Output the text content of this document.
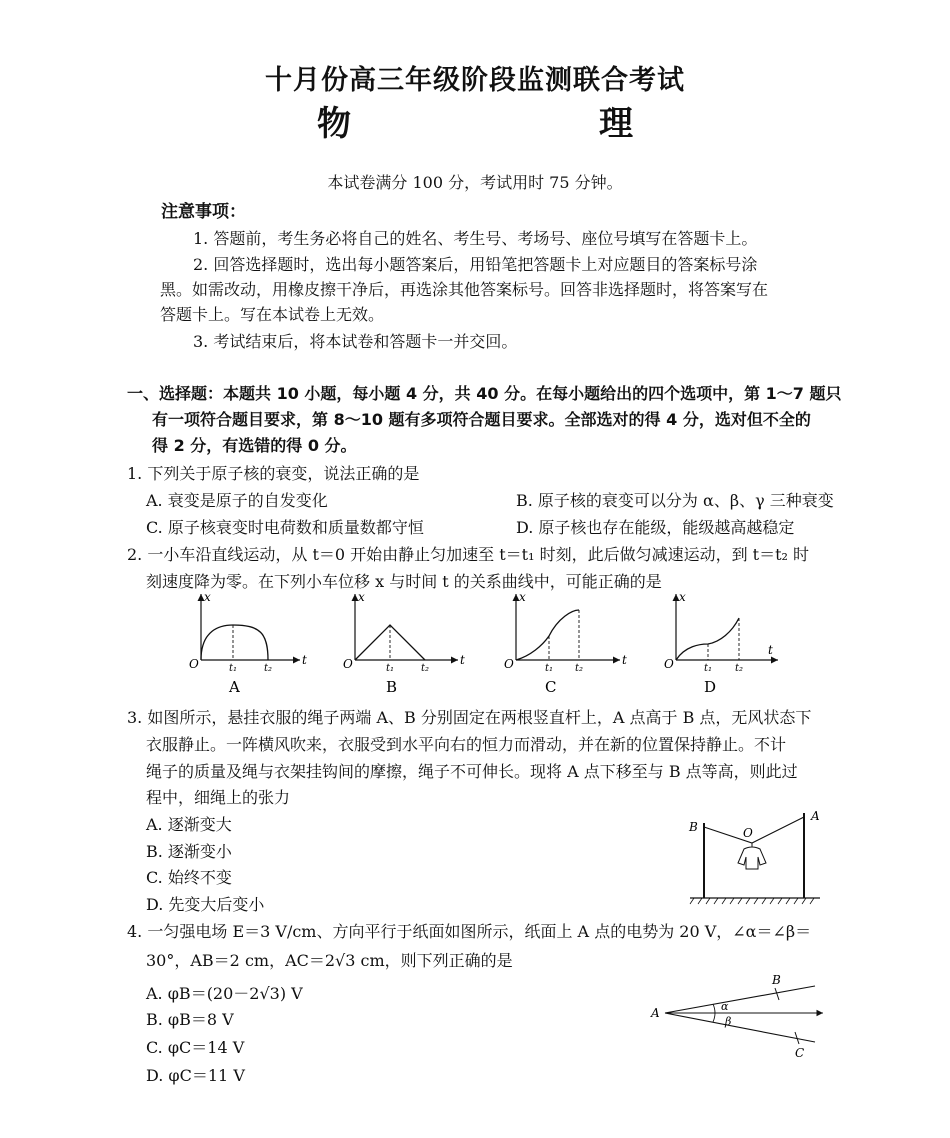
十月份高三年级阶段监测联合考试
物　　理
本试卷满分 100 分，考试用时 75 分钟。
注意事项：
1. 答题前，考生务必将自己的姓名、考生号、考场号、座位号填写在答题卡上。
2. 回答选择题时，选出每小题答案后，用铅笔把答题卡上对应题目的答案标号涂
黑。如需改动，用橡皮擦干净后，再选涂其他答案标号。回答非选择题时，将答案写在
答题卡上。写在本试卷上无效。
3. 考试结束后，将本试卷和答题卡一并交回。
一、选择题：本题共 10 小题，每小题 4 分，共 40 分。在每小题给出的四个选项中，第 1～7 题只
有一项符合题目要求，第 8～10 题有多项符合题目要求。全部选对的得 4 分，选对但不全的
得 2 分，有选错的得 0 分。
1. 下列关于原子核的衰变，说法正确的是
A. 衰变是原子的自发变化	B. 原子核的衰变可以分为 α、β、γ 三种衰变
C. 原子核衰变时电荷数和质量数都守恒	D. 原子核也存在能级，能级越高越稳定
2. 一小车沿直线运动，从 t＝0 开始由静止匀加速至 t＝t₁ 时刻，此后做匀减速运动，到 t＝t₂ 时
刻速度降为零。在下列小车位移 x 与时间 t 的关系曲线中，可能正确的是
x
t
O	t₁	t₂
x
t
O	t₁	t₂
x
t
O	t₁ t₂
x
t
O	t₁ t₂
A	B	C	D
3. 如图所示，悬挂衣服的绳子两端 A、B 分别固定在两根竖直杆上，A 点高于 B 点，无风状态下
衣服静止。一阵横风吹来，衣服受到水平向右的恒力而滑动，并在新的位置保持静止。不计
绳子的质量及绳与衣架挂钩间的摩擦，绳子不可伸长。现将 A 点下移至与 B 点等高，则此过
程中，细绳上的张力
A. 逐渐变大
B. 逐渐变小
C. 始终不变
D. 先变大后变小
B
A
O
4. 一匀强电场 E＝3 V/cm、方向平行于纸面如图所示，纸面上 A 点的电势为 20 V，∠α＝∠β＝
30°，AB＝2 cm，AC＝2√3 cm，则下列正确的是
A. φB＝(20－2√3) V
B. φB＝8 V
C. φC＝14 V
D. φC＝11 V
A
B
C
α
β
